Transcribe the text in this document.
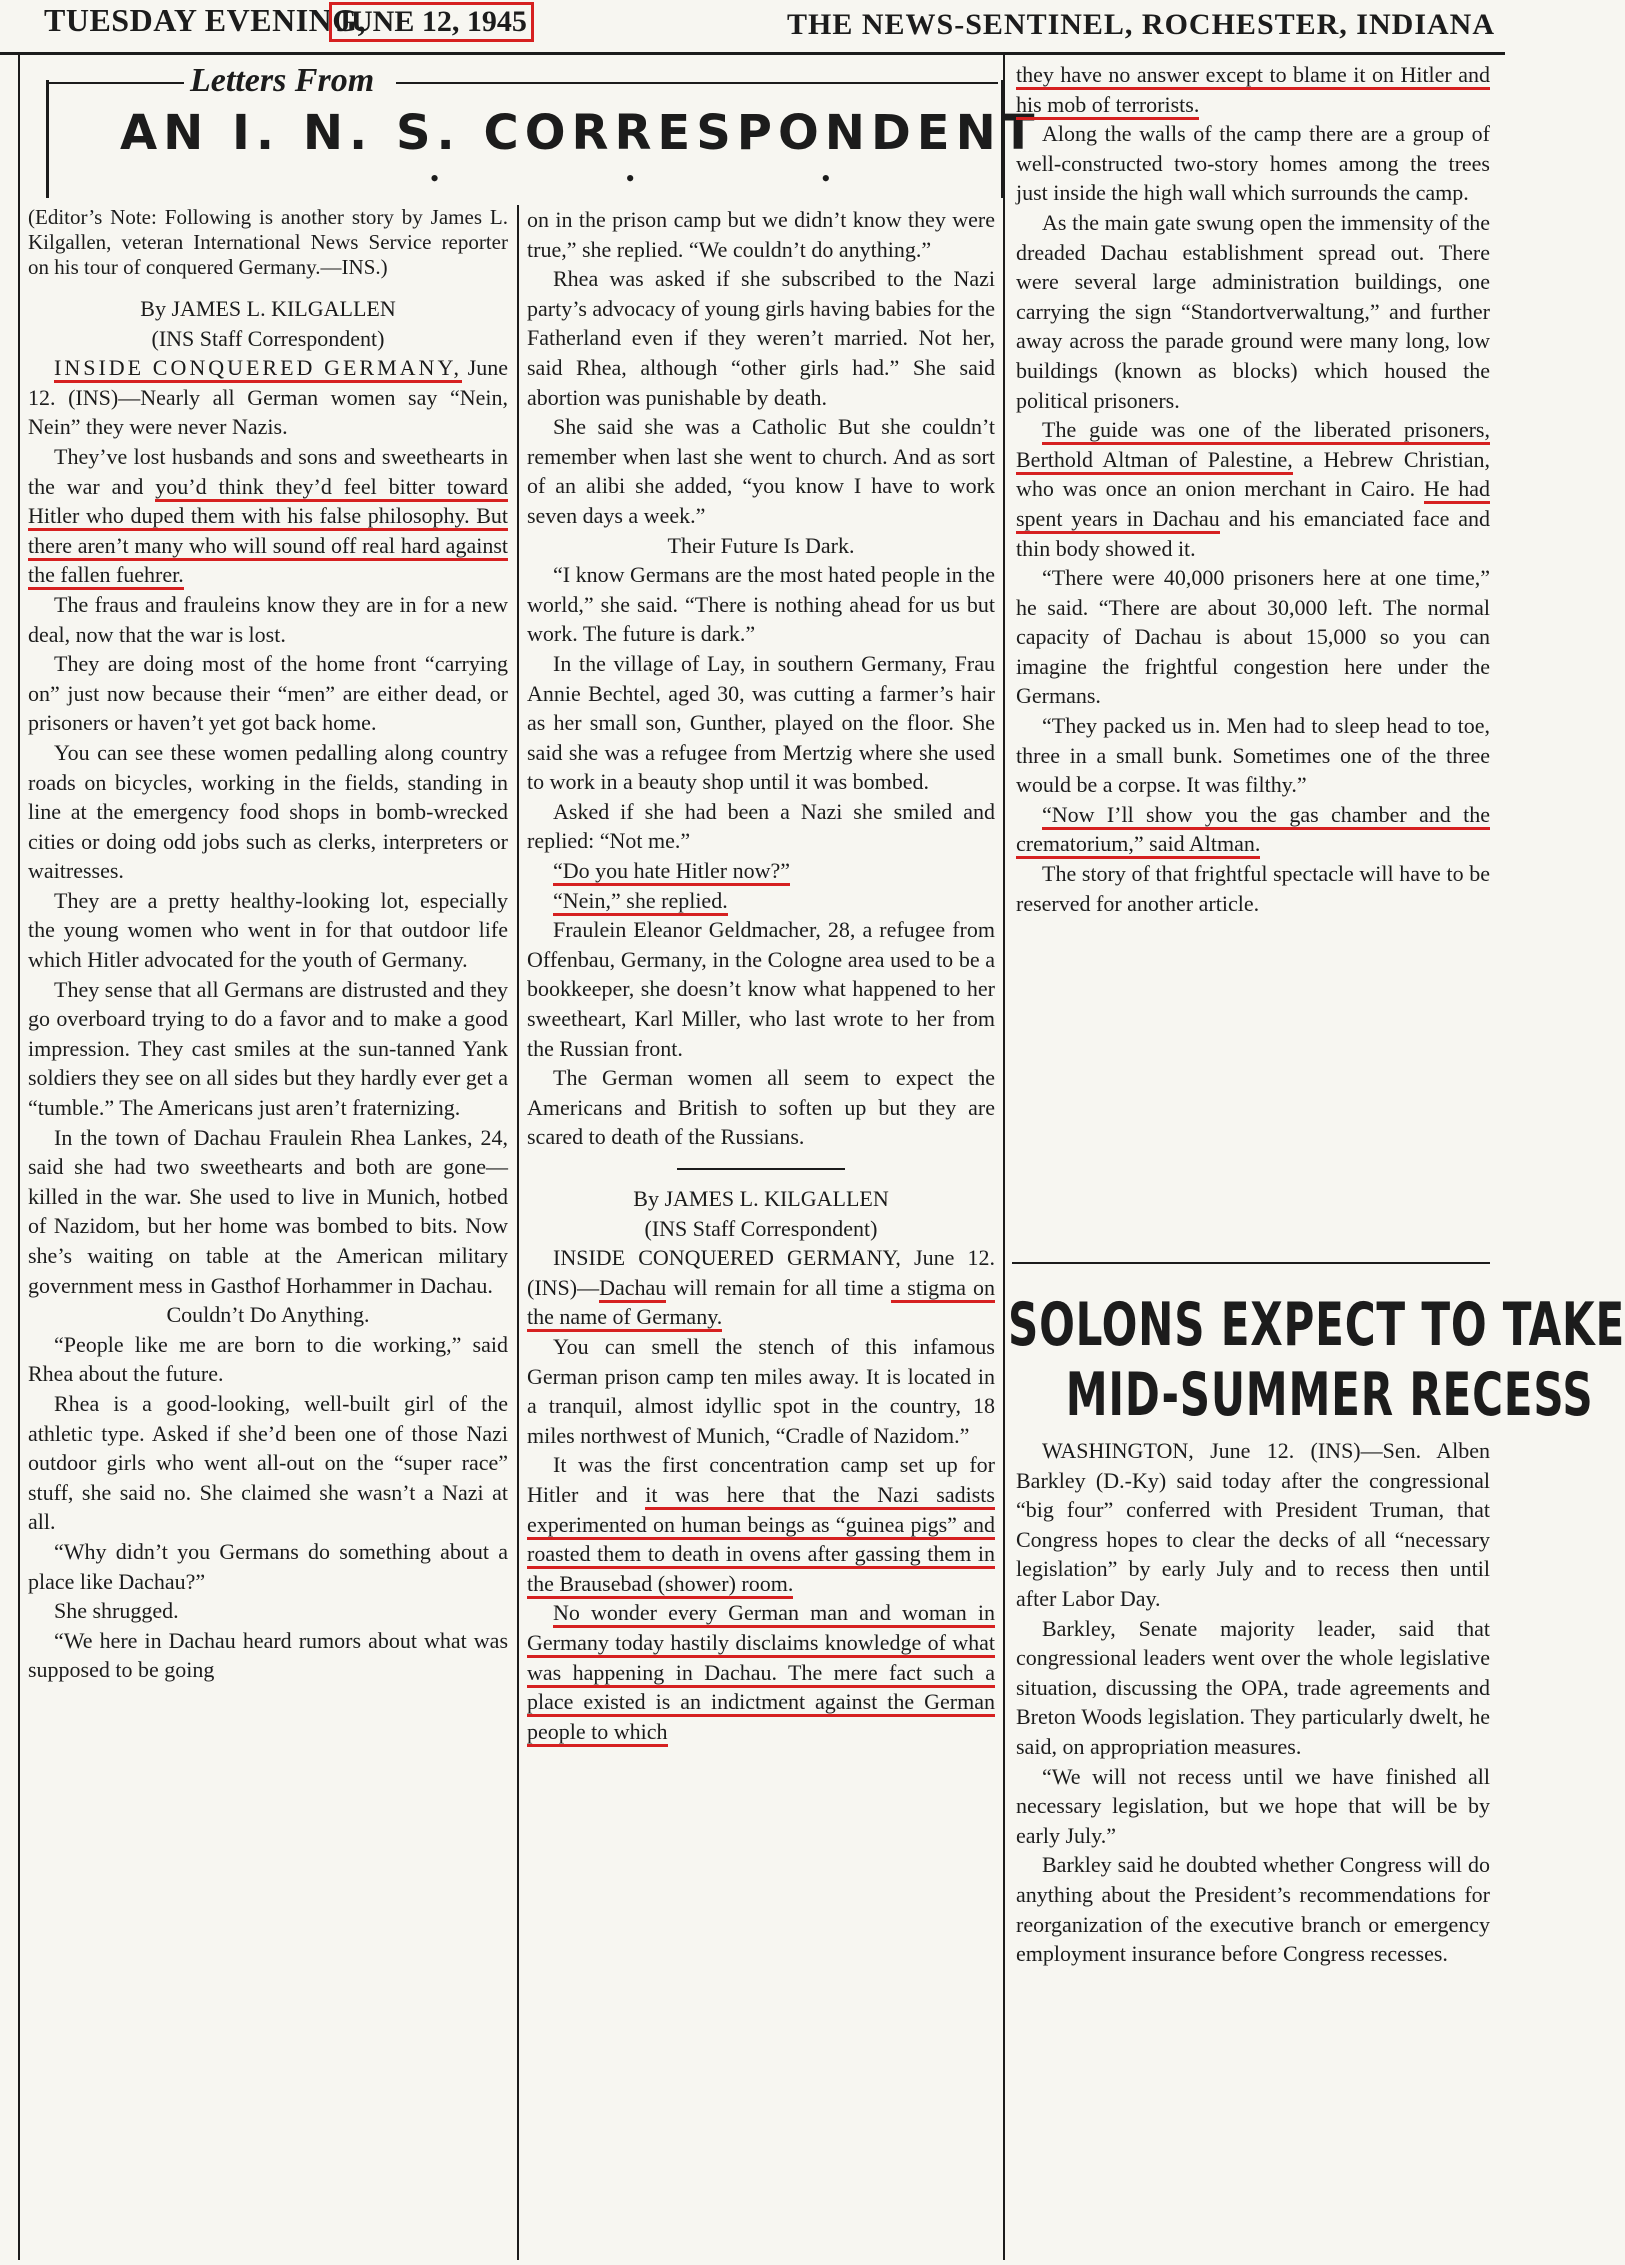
TUESDAY EVENING,
JUNE 12, 1945	THE NEWS-SENTINEL, ROCHESTER, INDIANA
Letters From
AN I. N. S. CORRESPONDENT
• • •

(Editor’s Note: Following is another story by James L. Kilgallen, veteran International News Service reporter on his tour of conquered Germany.—INS.)

By JAMES L. KILGALLEN

(INS Staff Correspondent)

INSIDE CONQUERED GERMANY, June 12. (INS)—Nearly all German women say “Nein, Nein” they were never Nazis.

They’ve lost husbands and sons and sweethearts in the war and you’d think they’d feel bitter toward Hitler who duped them with his false philosophy. But there aren’t many who will sound off real hard against the fallen fuehrer.

The fraus and frauleins know they are in for a new deal, now that the war is lost.

They are doing most of the home front “carrying on” just now because their “men” are either dead, or prisoners or haven’t yet got back home.

You can see these women pedalling along country roads on bicycles, working in the fields, standing in line at the emergency food shops in bomb-wrecked cities or doing odd jobs such as clerks, interpreters or waitresses.

They are a pretty healthy-looking lot, especially the young women who went in for that outdoor life which Hitler advocated for the youth of Germany.

They sense that all Germans are distrusted and they go overboard trying to do a favor and to make a good impression. They cast smiles at the sun-tanned Yank soldiers they see on all sides but they hardly ever get a “tumble.” The Americans just aren’t fraternizing.

In the town of Dachau Fraulein Rhea Lankes, 24, said she had two sweethearts and both are gone—killed in the war. She used to live in Munich, hotbed of Nazidom, but her home was bombed to bits. Now she’s waiting on table at the American military government mess in Gasthof Horhammer in Dachau.

Couldn’t Do Anything.

“People like me are born to die working,” said Rhea about the future.

Rhea is a good-looking, well-built girl of the athletic type. Asked if she’d been one of those Nazi outdoor girls who went all-out on the “super race” stuff, she said no. She claimed she wasn’t a Nazi at all.

“Why didn’t you Germans do something about a place like Dachau?”

She shrugged.

“We here in Dachau heard rumors about what was supposed to be going

on in the prison camp but we didn’t know they were true,” she replied. “We couldn’t do anything.”

Rhea was asked if she subscribed to the Nazi party’s advocacy of young girls having babies for the Fatherland even if they weren’t married. Not her, said Rhea, although “other girls had.” She said abortion was punishable by death.

She said she was a Catholic But she couldn’t remember when last she went to church. And as sort of an alibi she added, “you know I have to work seven days a week.”

Their Future Is Dark.

“I know Germans are the most hated people in the world,” she said. “There is nothing ahead for us but work. The future is dark.”

In the village of Lay, in southern Germany, Frau Annie Bechtel, aged 30, was cutting a farmer’s hair as her small son, Gunther, played on the floor. She said she was a refugee from Mertzig where she used to work in a beauty shop until it was bombed.

Asked if she had been a Nazi she smiled and replied: “Not me.”

“Do you hate Hitler now?”

“Nein,” she replied.

Fraulein Eleanor Geldmacher, 28, a refugee from Offenbau, Germany, in the Cologne area used to be a bookkeeper, she doesn’t know what happened to her sweetheart, Karl Miller, who last wrote to her from the Russian front.

The German women all seem to expect the Americans and British to soften up but they are scared to death of the Russians.

By JAMES L. KILGALLEN

(INS Staff Correspondent)

INSIDE CONQUERED GERMANY, June 12. (INS)—Dachau will remain for all time a stigma on the name of Germany.

You can smell the stench of this infamous German prison camp ten miles away. It is located in a tranquil, almost idyllic spot in the country, 18 miles northwest of Munich, “Cradle of Nazidom.”

It was the first concentration camp set up for Hitler and it was here that the Nazi sadists experimented on human beings as “guinea pigs” and roasted them to death in ovens after gassing them in the Brausebad (shower) room.

No wonder every German man and woman in Germany today hastily disclaims knowledge of what was happening in Dachau. The mere fact such a place existed is an indictment against the German people to which

they have no answer except to blame it on Hitler and his mob of terrorists.

Along the walls of the camp there are a group of well-constructed two-story homes among the trees just inside the high wall which surrounds the camp.

As the main gate swung open the immensity of the dreaded Dachau establishment spread out. There were several large administration buildings, one carrying the sign “Standortverwaltung,” and further away across the parade ground were many long, low buildings (known as blocks) which housed the political prisoners.

The guide was one of the liberated prisoners, Berthold Altman of Palestine, a Hebrew Christian, who was once an onion merchant in Cairo. He had spent years in Dachau and his emanciated face and thin body showed it.

“There were 40,000 prisoners here at one time,” he said. “There are about 30,000 left. The normal capacity of Dachau is about 15,000 so you can imagine the frightful congestion here under the Germans.

“They packed us in. Men had to sleep head to toe, three in a small bunk. Sometimes one of the three would be a corpse. It was filthy.”

“Now I’ll show you the gas chamber and the crematorium,” said Altman.

The story of that frightful spectacle will have to be reserved for another article.

SOLONS EXPECT TO TAKE
MID-SUMMER RECESS

WASHINGTON, June 12. (INS)—Sen. Alben Barkley (D.-Ky) said today after the congressional “big four” conferred with President Truman, that Congress hopes to clear the decks of all “necessary legislation” by early July and to recess then until after Labor Day.

Barkley, Senate majority leader, said that congressional leaders went over the whole legislative situation, discussing the OPA, trade agreements and Breton Woods legislation. They particularly dwelt, he said, on appropriation measures.

“We will not recess until we have finished all necessary legislation, but we hope that will be by early July.”

Barkley said he doubted whether Congress will do anything about the President’s recommendations for reorganization of the executive branch or emergency employment insurance before Congress recesses.
